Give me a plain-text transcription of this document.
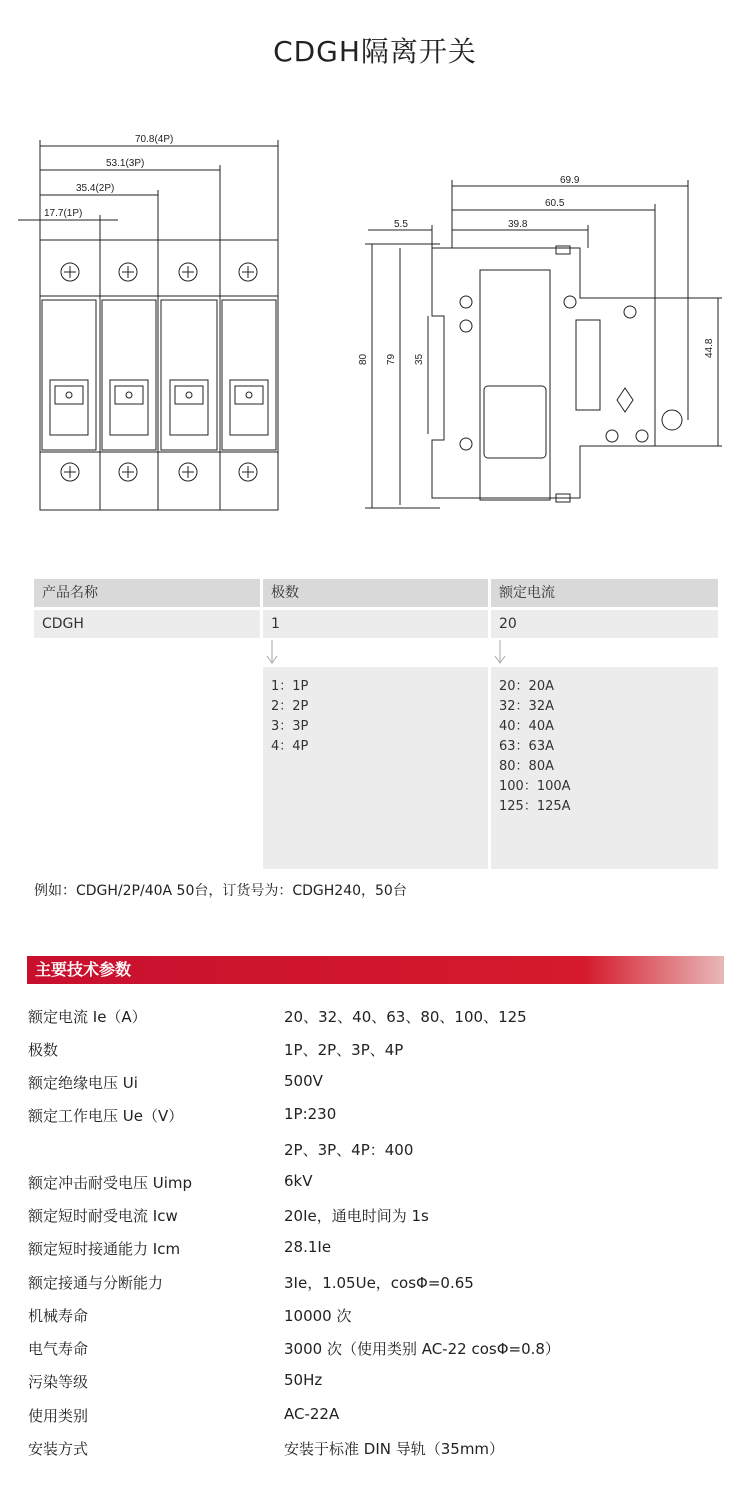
CDGH隔离开关
70.8(4P)
53.1(3P)
35.4(2P)
17.7(1P)
69.9
60.5
39.8
5.5
80 79 35
44.8
产品名称	极数	额定电流
CDGH	1	20
1：1P
2：2P
3：3P
4：4P
20：20A
32：32A
40：40A
63：63A
80：80A
100：100A
125：125A
例如：CDGH/2P/40A 50台，订货号为：CDGH240，50台
主要技术参数
额定电流 Ie（A）	20、32、40、63、80、100、125
极数	1P、2P、3P、4P
额定绝缘电压 Ui	500V
额定工作电压 Ue（V）	1P:230
2P、3P、4P：400
额定冲击耐受电压 Uimp	6kV
额定短时耐受电流 Icw	20Ie，通电时间为 1s
额定短时接通能力 Icm	28.1Ie
额定接通与分断能力	3Ie，1.05Ue，cosΦ=0.65
机械寿命	10000 次
电气寿命	3000 次（使用类别 AC-22 cosΦ=0.8）
污染等级	50Hz
使用类别	AC-22A
安装方式	安装于标准 DIN 导轨（35mm）
